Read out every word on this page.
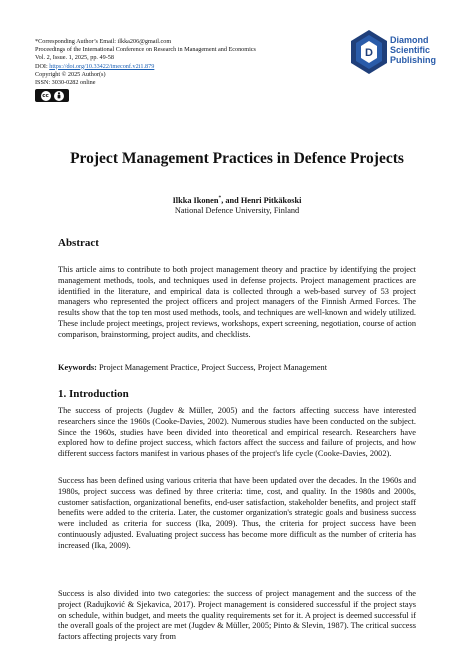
*Corresponding Author’s Email: ilkka206@gmail.com
Proceedings of the International Conference on Research in Management and Economics
Vol. 2, Issue. 1, 2025, pp. 49-58
DOI: https://doi.org/10.33422/imeconf.v2i1.879
Copyright © 2025 Author(s)
ISSN: 3030-0282 online
cc
D
Diamond
Scientific
Publishing
Project Management Practices in Defence Projects
Ilkka Ikonen*, and Henri Pitkäkoski
National Defence University, Finland
Abstract
This article aims to contribute to both project management theory and practice by identifying the project management methods, tools, and techniques used in defense projects. Project management practices are identified in the literature, and empirical data is collected through a web-based survey of 53 project managers who represented the project officers and project managers of the Finnish Armed Forces. The results show that the top ten most used methods, tools, and techniques are well-known and widely utilized. These include project meetings, project reviews, workshops, expert screening, negotiation, course of action comparison, brainstorming, project audits, and checklists.
Keywords: Project Management Practice, Project Success, Project Management
1. Introduction
The success of projects (Jugdev & Müller, 2005) and the factors affecting success have interested researchers since the 1960s (Cooke-Davies, 2002). Numerous studies have been conducted on the subject. Since the 1960s, studies have been divided into theoretical and empirical research. Researchers have explored how to define project success, which factors affect the success and failure of projects, and how different success factors manifest in various phases of the project's life cycle (Cooke-Davies, 2002).
Success has been defined using various criteria that have been updated over the decades. In the 1960s and 1980s, project success was defined by three criteria: time, cost, and quality. In the 1980s and 2000s, customer satisfaction, organizational benefits, end-user satisfaction, stakeholder benefits, and project staff benefits were added to the criteria. Later, the customer organization's strategic goals and business success were included as criteria for success (Ika, 2009). Thus, the criteria for project success have been continuously adjusted. Evaluating project success has become more difficult as the number of criteria has increased (Ika, 2009).
Success is also divided into two categories: the success of project management and the success of the project (Radujković & Sjekavica, 2017). Project management is considered successful if the project stays on schedule, within budget, and meets the quality requirements set for it. A project is deemed successful if the overall goals of the project are met (Jugdev & Müller, 2005; Pinto & Slevin, 1987). The critical success factors affecting projects vary from
